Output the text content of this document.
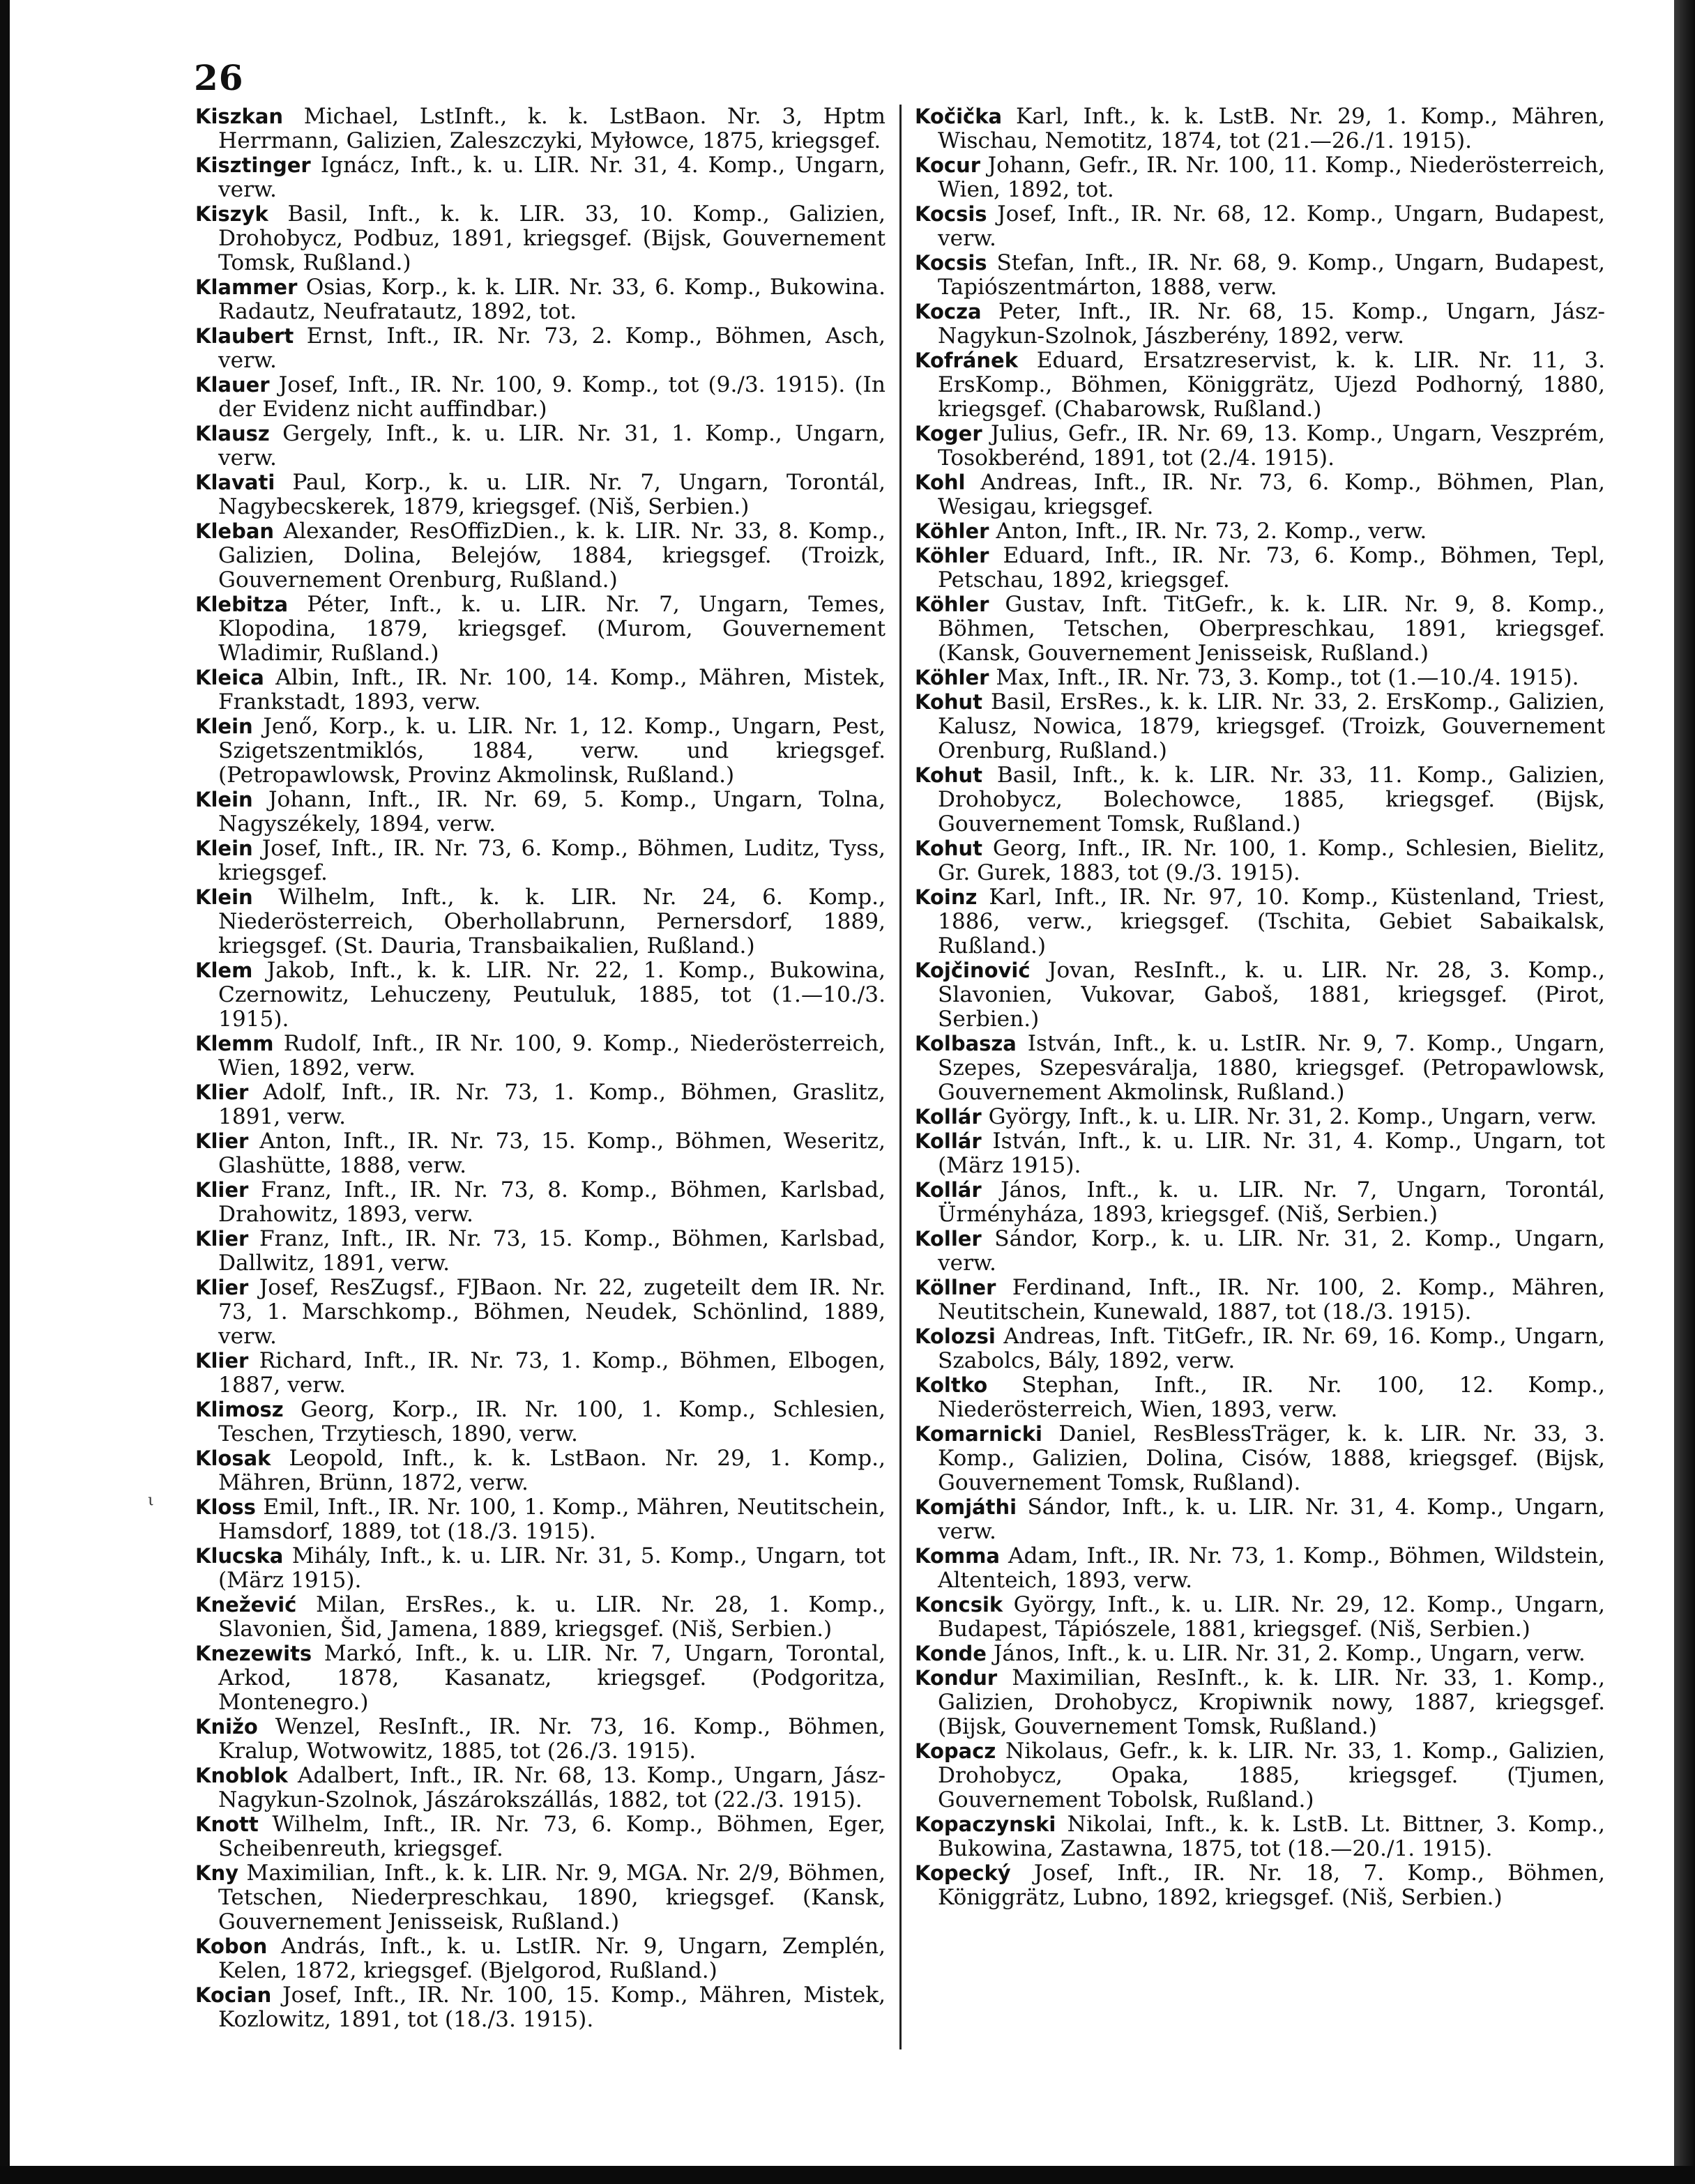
26

Kiszkan Michael, LstInft., k. k. LstBaon. Nr. 3, Hptm Herrmann, Galizien, Zaleszczyki, Myłowce, 1875, kriegsgef.

Kisztinger Ignácz, Inft., k. u. LIR. Nr. 31, 4. Komp., Ungarn, verw.

Kiszyk Basil, Inft., k. k. LIR. 33, 10. Komp., Galizien, Drohobycz, Podbuz, 1891, kriegsgef. (Bijsk, Gouvernement Tomsk, Rußland.)

Klammer Osias, Korp., k. k. LIR. Nr. 33, 6. Komp., Bukowina. Radautz, Neufratautz, 1892, tot.

Klaubert Ernst, Inft., IR. Nr. 73, 2. Komp., Böhmen, Asch, verw.

Klauer Josef, Inft., IR. Nr. 100, 9. Komp., tot (9./3. 1915). (In der Evidenz nicht auffindbar.)

Klausz Gergely, Inft., k. u. LIR. Nr. 31, 1. Komp., Ungarn, verw.

Klavati Paul, Korp., k. u. LIR. Nr. 7, Ungarn, Torontál, Nagybecskerek, 1879, kriegsgef. (Niš, Serbien.)

Kleban Alexander, ResOffizDien., k. k. LIR. Nr. 33, 8. Komp., Galizien, Dolina, Belejów, 1884, kriegsgef. (Troizk, Gouvernement Orenburg, Rußland.)

Klebitza Péter, Inft., k. u. LIR. Nr. 7, Ungarn, Temes, Klopodina, 1879, kriegsgef. (Murom, Gouvernement Wladimir, Rußland.)

Kleica Albin, Inft., IR. Nr. 100, 14. Komp., Mähren, Mistek, Frankstadt, 1893, verw.

Klein Jenő, Korp., k. u. LIR. Nr. 1, 12. Komp., Ungarn, Pest, Szigetszentmiklós, 1884, verw. und kriegsgef. (Petropawlowsk, Provinz Akmolinsk, Rußland.)

Klein Johann, Inft., IR. Nr. 69, 5. Komp., Ungarn, Tolna, Nagyszékely, 1894, verw.

Klein Josef, Inft., IR. Nr. 73, 6. Komp., Böhmen, Luditz, Tyss, kriegsgef.

Klein Wilhelm, Inft., k. k. LIR. Nr. 24, 6. Komp., Niederösterreich, Oberhollabrunn, Pernersdorf, 1889, kriegsgef. (St. Dauria, Transbaikalien, Rußland.)

Klem Jakob, Inft., k. k. LIR. Nr. 22, 1. Komp., Bukowina, Czernowitz, Lehuczeny, Peutuluk, 1885, tot (1.—10./3. 1915).

Klemm Rudolf, Inft., IR Nr. 100, 9. Komp., Niederösterreich, Wien, 1892, verw.

Klier Adolf, Inft., IR. Nr. 73, 1. Komp., Böhmen, Graslitz, 1891, verw.

Klier Anton, Inft., IR. Nr. 73, 15. Komp., Böhmen, Weseritz, Glashütte, 1888, verw.

Klier Franz, Inft., IR. Nr. 73, 8. Komp., Böhmen, Karlsbad, Drahowitz, 1893, verw.

Klier Franz, Inft., IR. Nr. 73, 15. Komp., Böhmen, Karlsbad, Dallwitz, 1891, verw.

Klier Josef, ResZugsf., FJBaon. Nr. 22, zugeteilt dem IR. Nr. 73, 1. Marschkomp., Böhmen, Neudek, Schönlind, 1889, verw.

Klier Richard, Inft., IR. Nr. 73, 1. Komp., Böhmen, Elbogen, 1887, verw.

Klimosz Georg, Korp., IR. Nr. 100, 1. Komp., Schlesien, Teschen, Trzytiesch, 1890, verw.

Klosak Leopold, Inft., k. k. LstBaon. Nr. 29, 1. Komp., Mähren, Brünn, 1872, verw.

Kloss Emil, Inft., IR. Nr. 100, 1. Komp., Mähren, Neutitschein, Hamsdorf, 1889, tot (18./3. 1915).

Klucska Mihály, Inft., k. u. LIR. Nr. 31, 5. Komp., Ungarn, tot (März 1915).

Knežević Milan, ErsRes., k. u. LIR. Nr. 28, 1. Komp., Slavonien, Šid, Jamena, 1889, kriegsgef. (Niš, Serbien.)

Knezewits Markó, Inft., k. u. LIR. Nr. 7, Ungarn, Torontal, Arkod, 1878, Kasanatz, kriegsgef. (Podgoritza, Montenegro.)

Knižo Wenzel, ResInft., IR. Nr. 73, 16. Komp., Böhmen, Kralup, Wotwowitz, 1885, tot (26./3. 1915).

Knoblok Adalbert, Inft., IR. Nr. 68, 13. Komp., Ungarn, Jász-Nagykun-Szolnok, Jászárokszállás, 1882, tot (22./3. 1915).

Knott Wilhelm, Inft., IR. Nr. 73, 6. Komp., Böhmen, Eger, Scheibenreuth, kriegsgef.

Kny Maximilian, Inft., k. k. LIR. Nr. 9, MGA. Nr. 2/9, Böhmen, Tetschen, Niederpreschkau, 1890, kriegsgef. (Kansk, Gouvernement Jenisseisk, Rußland.)

Kobon András, Inft., k. u. LstIR. Nr. 9, Ungarn, Zemplén, Kelen, 1872, kriegsgef. (Bjelgorod, Rußland.)

Kocian Josef, Inft., IR. Nr. 100, 15. Komp., Mähren, Mistek, Kozlowitz, 1891, tot (18./3. 1915).

Kočička Karl, Inft., k. k. LstB. Nr. 29, 1. Komp., Mähren, Wischau, Nemotitz, 1874, tot (21.—26./1. 1915).

Kocur Johann, Gefr., IR. Nr. 100, 11. Komp., Niederösterreich, Wien, 1892, tot.

Kocsis Josef, Inft., IR. Nr. 68, 12. Komp., Ungarn, Budapest, verw.

Kocsis Stefan, Inft., IR. Nr. 68, 9. Komp., Ungarn, Budapest, Tapiószentmárton, 1888, verw.

Kocza Peter, Inft., IR. Nr. 68, 15. Komp., Ungarn, Jász-Nagykun-Szolnok, Jászberény, 1892, verw.

Kofránek Eduard, Ersatzreservist, k. k. LIR. Nr. 11, 3. ErsKomp., Böhmen, Königgrätz, Ujezd Podhorný, 1880, kriegsgef. (Chabarowsk, Rußland.)

Koger Julius, Gefr., IR. Nr. 69, 13. Komp., Ungarn, Veszprém, Tosokberénd, 1891, tot (2./4. 1915).

Kohl Andreas, Inft., IR. Nr. 73, 6. Komp., Böhmen, Plan, Wesigau, kriegsgef.

Köhler Anton, Inft., IR. Nr. 73, 2. Komp., verw.

Köhler Eduard, Inft., IR. Nr. 73, 6. Komp., Böhmen, Tepl, Petschau, 1892, kriegsgef.

Köhler Gustav, Inft. TitGefr., k. k. LIR. Nr. 9, 8. Komp., Böhmen, Tetschen, Oberpreschkau, 1891, kriegsgef. (Kansk, Gouvernement Jenisseisk, Rußland.)

Köhler Max, Inft., IR. Nr. 73, 3. Komp., tot (1.—10./4. 1915).

Kohut Basil, ErsRes., k. k. LIR. Nr. 33, 2. ErsKomp., Galizien, Kalusz, Nowica, 1879, kriegsgef. (Troizk, Gouvernement Orenburg, Rußland.)

Kohut Basil, Inft., k. k. LIR. Nr. 33, 11. Komp., Galizien, Drohobycz, Bolechowce, 1885, kriegsgef. (Bijsk, Gouvernement Tomsk, Rußland.)

Kohut Georg, Inft., IR. Nr. 100, 1. Komp., Schlesien, Bielitz, Gr. Gurek, 1883, tot (9./3. 1915).

Koinz Karl, Inft., IR. Nr. 97, 10. Komp., Küstenland, Triest, 1886, verw., kriegsgef. (Tschita, Gebiet Sabaikalsk, Rußland.)

Kojčinović Jovan, ResInft., k. u. LIR. Nr. 28, 3. Komp., Slavonien, Vukovar, Gaboš, 1881, kriegsgef. (Pirot, Serbien.)

Kolbasza István, Inft., k. u. LstIR. Nr. 9, 7. Komp., Ungarn, Szepes, Szepesváralja, 1880, kriegsgef. (Petropawlowsk, Gouvernement Akmolinsk, Rußland.)

Kollár György, Inft., k. u. LIR. Nr. 31, 2. Komp., Ungarn, verw.

Kollár István, Inft., k. u. LIR. Nr. 31, 4. Komp., Ungarn, tot (März 1915).

Kollár János, Inft., k. u. LIR. Nr. 7, Ungarn, Torontál, Ürményháza, 1893, kriegsgef. (Niš, Serbien.)

Koller Sándor, Korp., k. u. LIR. Nr. 31, 2. Komp., Ungarn, verw.

Köllner Ferdinand, Inft., IR. Nr. 100, 2. Komp., Mähren, Neutitschein, Kunewald, 1887, tot (18./3. 1915).

Kolozsi Andreas, Inft. TitGefr., IR. Nr. 69, 16. Komp., Ungarn, Szabolcs, Bály, 1892, verw.

Koltko Stephan, Inft., IR. Nr. 100, 12. Komp., Niederösterreich, Wien, 1893, verw.

Komarnicki Daniel, ResBlessTräger, k. k. LIR. Nr. 33, 3. Komp., Galizien, Dolina, Cisów, 1888, kriegsgef. (Bijsk, Gouvernement Tomsk, Rußland).

Komjáthi Sándor, Inft., k. u. LIR. Nr. 31, 4. Komp., Ungarn, verw.

Komma Adam, Inft., IR. Nr. 73, 1. Komp., Böhmen, Wildstein, Altenteich, 1893, verw.

Koncsik György, Inft., k. u. LIR. Nr. 29, 12. Komp., Ungarn, Budapest, Tápiószele, 1881, kriegsgef. (Niš, Serbien.)

Konde János, Inft., k. u. LIR. Nr. 31, 2. Komp., Ungarn, verw.

Kondur Maximilian, ResInft., k. k. LIR. Nr. 33, 1. Komp., Galizien, Drohobycz, Kropiwnik nowy, 1887, kriegsgef. (Bijsk, Gouvernement Tomsk, Rußland.)

Kopacz Nikolaus, Gefr., k. k. LIR. Nr. 33, 1. Komp., Galizien, Drohobycz, Opaka, 1885, kriegsgef. (Tjumen, Gouvernement Tobolsk, Rußland.)

Kopaczynski Nikolai, Inft., k. k. LstB. Lt. Bittner, 3. Komp., Bukowina, Zastawna, 1875, tot (18.—20./1. 1915).

Kopecký Josef, Inft., IR. Nr. 18, 7. Komp., Böhmen, Königgrätz, Lubno, 1892, kriegsgef. (Niš, Serbien.)

ι
